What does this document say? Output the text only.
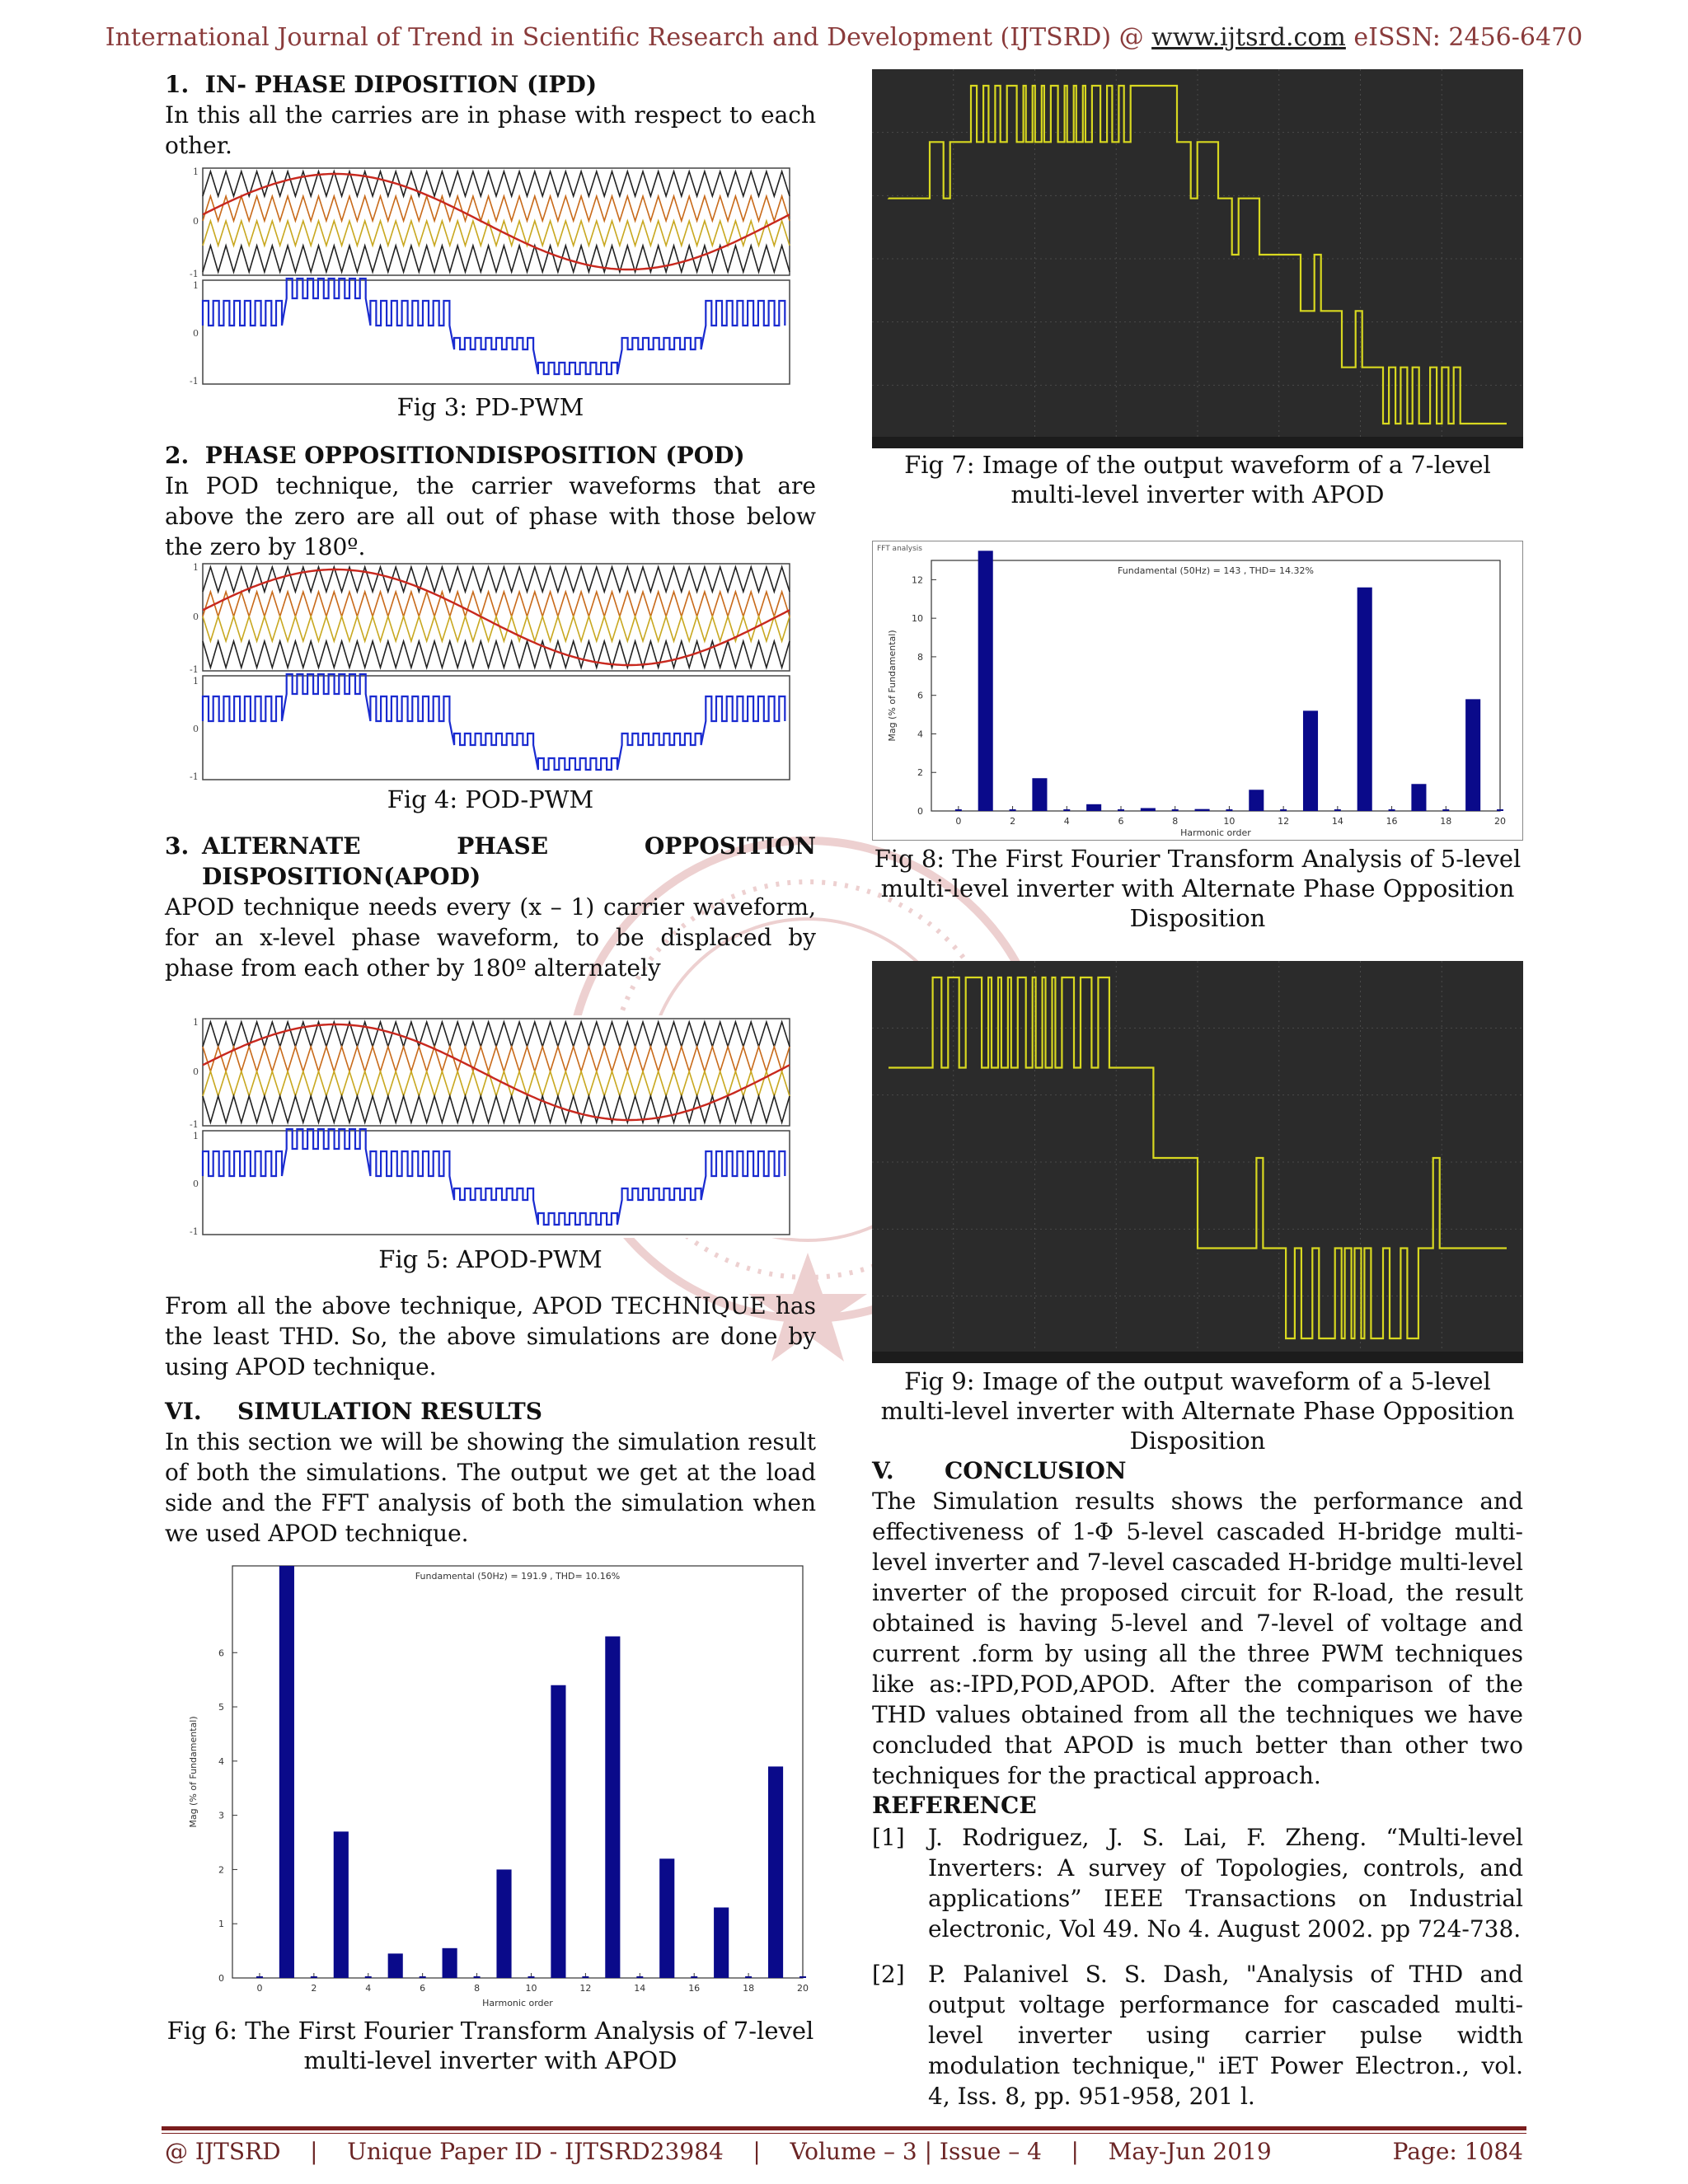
International Journal of Trend in Scientific Research and Development (IJTSRD) @ www.ijtsrd.com eISSN: 2456-6470
1. IN- PHASE DIPOSITION (IPD)
In this all the carries are in phase with respect to each other.
1
0
-1
1
0
-1
Fig 3: PD-PWM
2. PHASE OPPOSITIONDISPOSITION (POD)
In POD technique, the carrier waveforms that are above the zero are all out of phase with those below the zero by 180º.
1
0
-1
1
0
-1
Fig 4: POD-PWM
3. ALTERNATE	PHASE	OPPOSITION
DISPOSITION(APOD)
APOD technique needs every (x – 1) carrier waveform, for an x-level phase waveform, to be displaced by phase from each other by 180º alternately
1
0
-1
1
0
-1
Fig 5: APOD-PWM
From all the above technique, APOD TECHNIQUE has the least THD. So, the above simulations are done by using APOD technique.
VI. SIMULATION RESULTS
In this section we will be showing the simulation result of both the simulations. The output we get at the load side and the FFT analysis of both the simulation when we used APOD technique.
0
1
2
3
4
5
6
0	2	4	6	8	10	12	14	16	18	20
Fundamental (50Hz) = 191.9 , THD= 10.16%
Harmonic order
Mag (% of Fundamental)
Fig 6: The First Fourier Transform Analysis of 7-level multi-level inverter with APOD
Fig 7: Image of the output waveform of a 7-level multi-level inverter with APOD
FFT analysis
0
2
4
6
8
10
12
0	2	4	6	8	10	12	14	16	18	20
Fundamental (50Hz) = 143 , THD= 14.32%
Harmonic order
Mag (% of Fundamental)
Fig 8: The First Fourier Transform Analysis of 5-level multi-level inverter with Alternate Phase Opposition Disposition
Fig 9: Image of the output waveform of a 5-level multi-level inverter with Alternate Phase Opposition Disposition
V. CONCLUSION
The Simulation results shows the performance and effectiveness of 1-Φ 5-level cascaded H-bridge multi-level inverter and 7-level cascaded H-bridge multi-level inverter of the proposed circuit for R-load, the result obtained is having 5-level and 7-level of voltage and current .form by using all the three PWM techniques like as:-IPD,POD,APOD. After the comparison of the THD values obtained from all the techniques we have concluded that APOD is much better than other two techniques for the practical approach.
REFERENCE
[1] J. Rodriguez, J. S. Lai, F. Zheng. “Multi-level Inverters: A survey of Topologies, controls, and applications” IEEE Transactions on Industrial electronic, Vol 49. No 4. August 2002. pp 724-738.
[2] P. Palanivel S. S. Dash, "Analysis of THD and output voltage performance for cascaded multi-level inverter using carrier pulse width modulation technique," iET Power Electron., vol. 4, Iss. 8, pp. 951-958, 201 l.
@ IJTSRD | Unique Paper ID - IJTSRD23984 | Volume – 3 | Issue – 4 | May-Jun 2019	Page: 1084
